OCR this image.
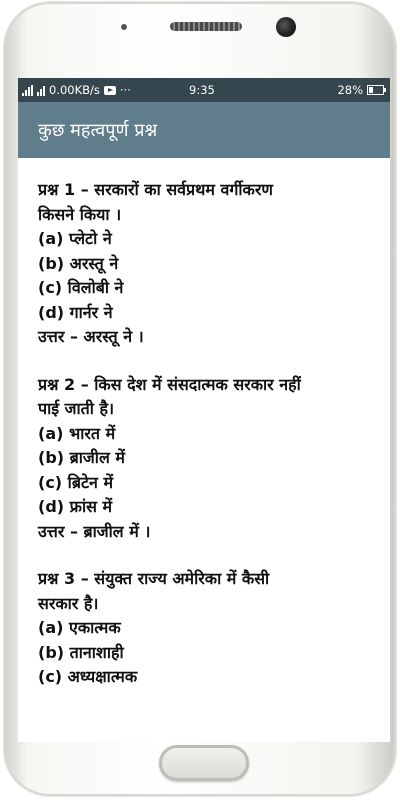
0.00KB/s ···	9:35	28%
कुछ महत्वपूर्ण प्रश्न
प्रश्न 1 – सरकारों का सर्वप्रथम वर्गीकरण
किसने किया ।
(a) प्लेटो ने
(b) अरस्तू ने
(c) विलोबी ने
(d) गार्नर ने
उत्तर – अरस्तू ने ।
प्रश्न 2 – किस देश में संसदात्मक सरकार नहीं
पाई जाती है।
(a) भारत में
(b) ब्राजील में
(c) ब्रिटेन में
(d) फ्रांस में
उत्तर – ब्राजील में ।
प्रश्न 3 – संयुक्त राज्य अमेरिका में कैसी
सरकार है।
(a) एकात्मक
(b) तानाशाही
(c) अध्यक्षात्मक
